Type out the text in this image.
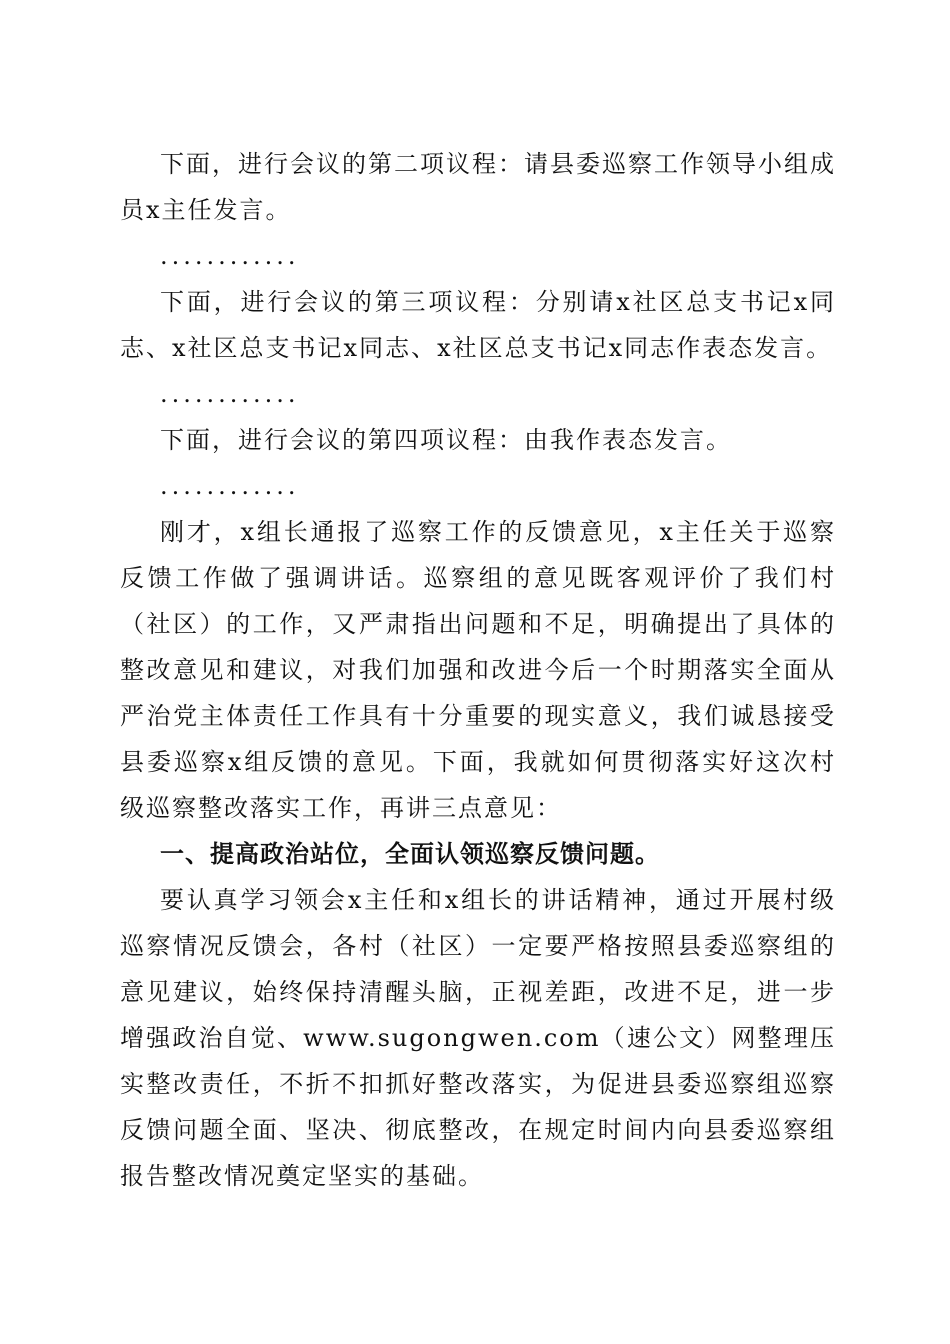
下面，进行会议的第二项议程：请县委巡察工作领导小组成员x主任发言。

............

下面，进行会议的第三项议程：分别请x社区总支书记x同志、x社区总支书记x同志、x社区总支书记x同志作表态发言。

............

下面，进行会议的第四项议程：由我作表态发言。

............

刚才，x组长通报了巡察工作的反馈意见，x主任关于巡察反馈工作做了强调讲话。巡察组的意见既客观评价了我们村（社区）的工作，又严肃指出问题和不足，明确提出了具体的整改意见和建议，对我们加强和改进今后一个时期落实全面从严治党主体责任工作具有十分重要的现实意义，我们诚恳接受县委巡察x组反馈的意见。下面，我就如何贯彻落实好这次村级巡察整改落实工作，再讲三点意见：

一、提高政治站位，全面认领巡察反馈问题。

要认真学习领会x主任和x组长的讲话精神，通过开展村级巡察情况反馈会，各村（社区）一定要严格按照县委巡察组的意见建议，始终保持清醒头脑，正视差距，改进不足，进一步增强政治自觉、www.sugongwen.com（速公文）网整理压实整改责任，不折不扣抓好整改落实，为促进县委巡察组巡察反馈问题全面、坚决、彻底整改，在规定时间内向县委巡察组报告整改情况奠定坚实的基础。
